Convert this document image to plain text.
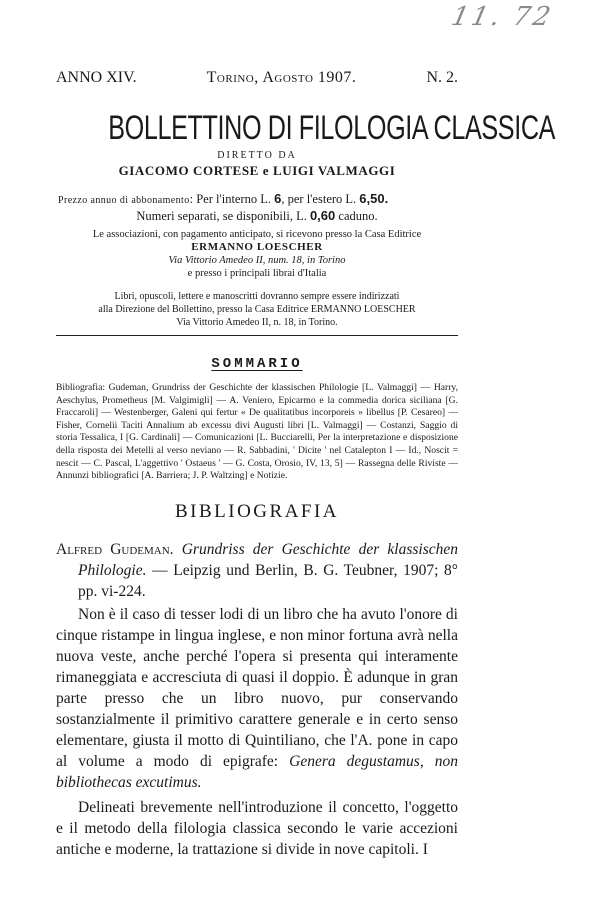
11. 72
ANNO XIV.	Torino, Agosto 1907.	N. 2.
BOLLETTINO DI FILOLOGIA CLASSICA
DIRETTO DA
GIACOMO CORTESE e LUIGI VALMAGGI
Prezzo annuo di abbonamento: Per l'interno L. 6, per l'estero L. 6,50.
Numeri separati, se disponibili, L. 0,60 caduno.
Le associazioni, con pagamento anticipato, si ricevono presso la Casa Editrice
ERMANNO LOESCHER
Via Vittorio Amedeo II, num. 18, in Torino
e presso i principali librai d'Italia
Libri, opuscoli, lettere e manoscritti dovranno sempre essere indirizzati
alla Direzione del Bollettino, presso la Casa Editrice ERMANNO LOESCHER
Via Vittorio Amedeo II, n. 18, in Torino.
SOMMARIO
Bibliografia: Gudeman, Grundriss der Geschichte der klassischen Philologie [L. Valmaggi] — Harry, Aeschylus, Prometheus [M. Valgimigli] — A. Veniero, Epicarmo e la commedia dorica siciliana [G. Fraccaroli] — Westenberger, Galeni qui fertur « De qualitatibus incorporeis » libellus [P. Cesareo] — Fisher, Cornelii Taciti Annalium ab excessu divi Augusti libri [L. Valmaggi] — Costanzi, Saggio di storia Tessalica, I [G. Cardinali] — Comunicazioni [L. Bucciarelli, Per la interpretazione e disposizione della risposta dei Metelli al verso neviano — R. Sabbadini, ' Dicite ' nel Catalepton I — Id., Noscit = nescit — C. Pascal, L'aggettivo ' Ostaeus ' — G. Costa, Orosio, IV, 13, 5] — Rassegna delle Riviste — Annunzi bibliografici [A. Barriera; J. P. Waltzing] e Notizie.
BIBLIOGRAFIA
Alfred Gudeman. Grundriss der Geschichte der klassischen Philologie. — Leipzig und Berlin, B. G. Teubner, 1907; 8° pp. vi-224.

Non è il caso di tesser lodi di un libro che ha avuto l'onore di cinque ristampe in lingua inglese, e non minor fortuna avrà nella nuova veste, anche perché l'opera si presenta qui interamente rimaneggiata e accresciuta di quasi il doppio. È adunque in gran parte presso che un libro nuovo, pur conservando sostanzialmente il primitivo carattere generale e in certo senso elementare, giusta il motto di Quintiliano, che l'A. pone in capo al volume a modo di epigrafe: Genera degustamus, non bibliothecas excutimus.

Delineati brevemente nell'introduzione il concetto, l'oggetto e il metodo della filologia classica secondo le varie accezioni antiche e moderne, la trattazione si divide in nove capitoli. I
